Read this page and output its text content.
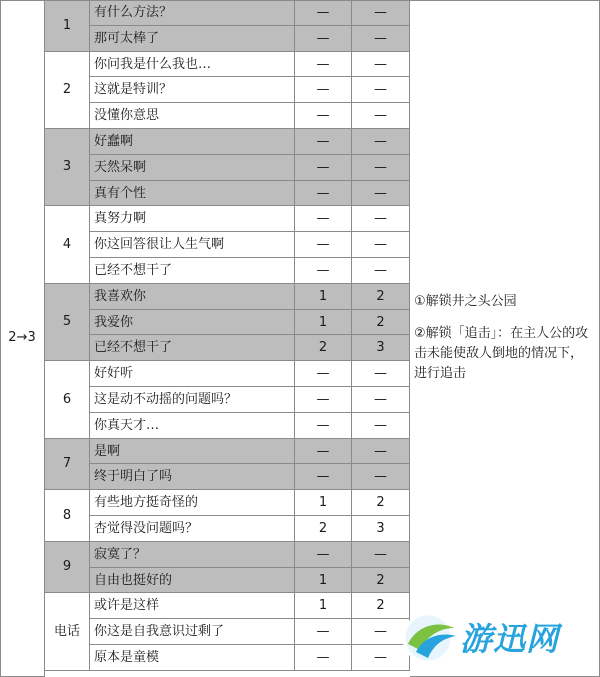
2→3
1
有什么方法？	—	—
那可太棒了	—	—
2
你问我是什么我也…	—	—
这就是特训？	—	—
没懂你意思	—	—
3
好蠢啊	—	—
天然呆啊	—	—
真有个性	—	—
4
真努力啊	—	—
你这回答很让人生气啊	—	—
已经不想干了	—	—
5
我喜欢你	1	2
我爱你	1	2
已经不想干了	2	3
6
好好听	—	—
这是动不动摇的问题吗？	—	—
你真天才…	—	—
7
是啊	—	—
终于明白了吗	—	—
8
有些地方挺奇怪的	1	2
杏觉得没问题吗？	2	3
9
寂寞了？	—	—
自由也挺好的	1	2
电话
或许是这样	1	2
你这是自我意识过剩了	—	—
原本是童模	—	—

①解锁井之头公园

②解锁「追击」：在主人公的攻击未能使敌人倒地的情况下，进行追击

游迅网
